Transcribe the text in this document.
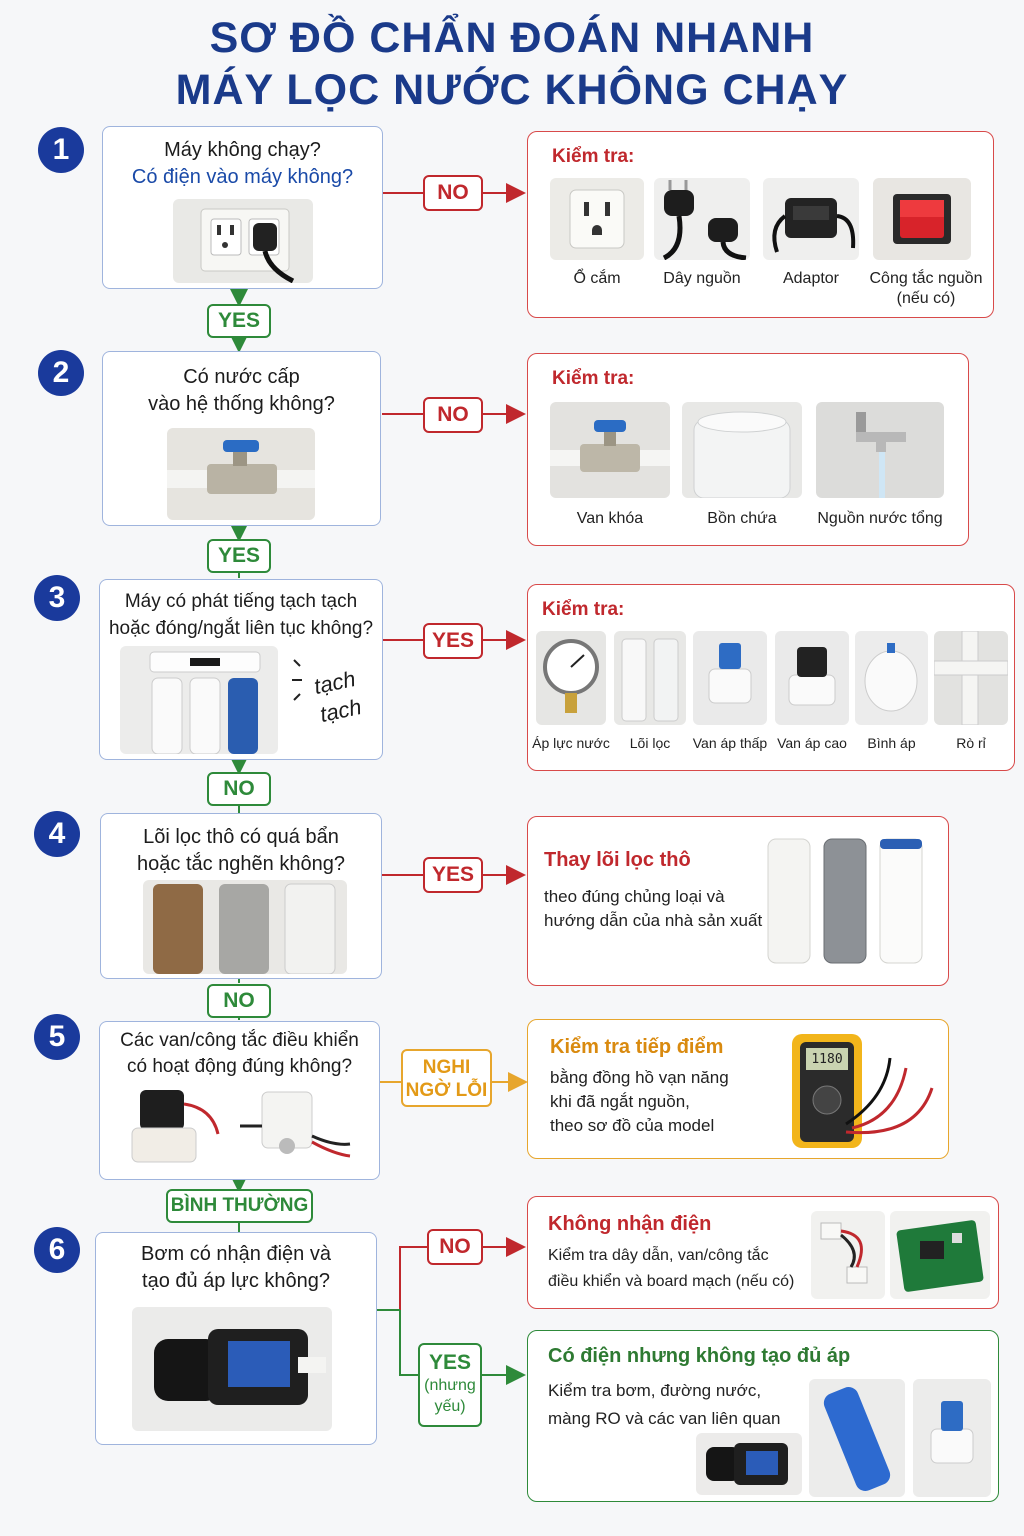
SƠ ĐỒ CHẨN ĐOÁN NHANH
MÁY LỌC NƯỚC KHÔNG CHẠY
1	Máy không chạy?
Có điện vào máy không?
NO
YES
Kiểm tra:
Ổ cắm	Dây nguồn	Adaptor	Công tắc nguồn
(nếu có)
2	Có nước cấp
vào hệ thống không?	NO
YES
Kiểm tra:
Van khóa	Bồn chứa	Nguồn nước tổng
3	Máy có phát tiếng tạch tạch
hoặc đóng/ngắt liên tục không?
tạch
tạch
YES
NO
Kiểm tra:
Áp lực nước	Lõi lọc	Van áp thấp Van áp cao	Bình áp	Rò rỉ
4	Lõi lọc thô có quá bẩn
hoặc tắc nghẽn không?	YES
NO
Thay lõi lọc thô
theo đúng chủng loại và
hướng dẫn của nhà sản xuất
5	Các van/công tắc điều khiển
có hoạt động đúng không?	NGHI
NGỜ LỖI
BÌNH THƯỜNG
Kiểm tra tiếp điểm
bằng đồng hồ vạn năng
khi đã ngắt nguồn,
theo sơ đồ của model
1180
6	Bơm có nhận điện và
tạo đủ áp lực không?
NO
YES
(nhưng
yếu)
Không nhận điện
Kiểm tra dây dẫn, van/công tắc
điều khiển và board mạch (nếu có)
Có điện nhưng không tạo đủ áp
Kiểm tra bơm, đường nước,
màng RO và các van liên quan
